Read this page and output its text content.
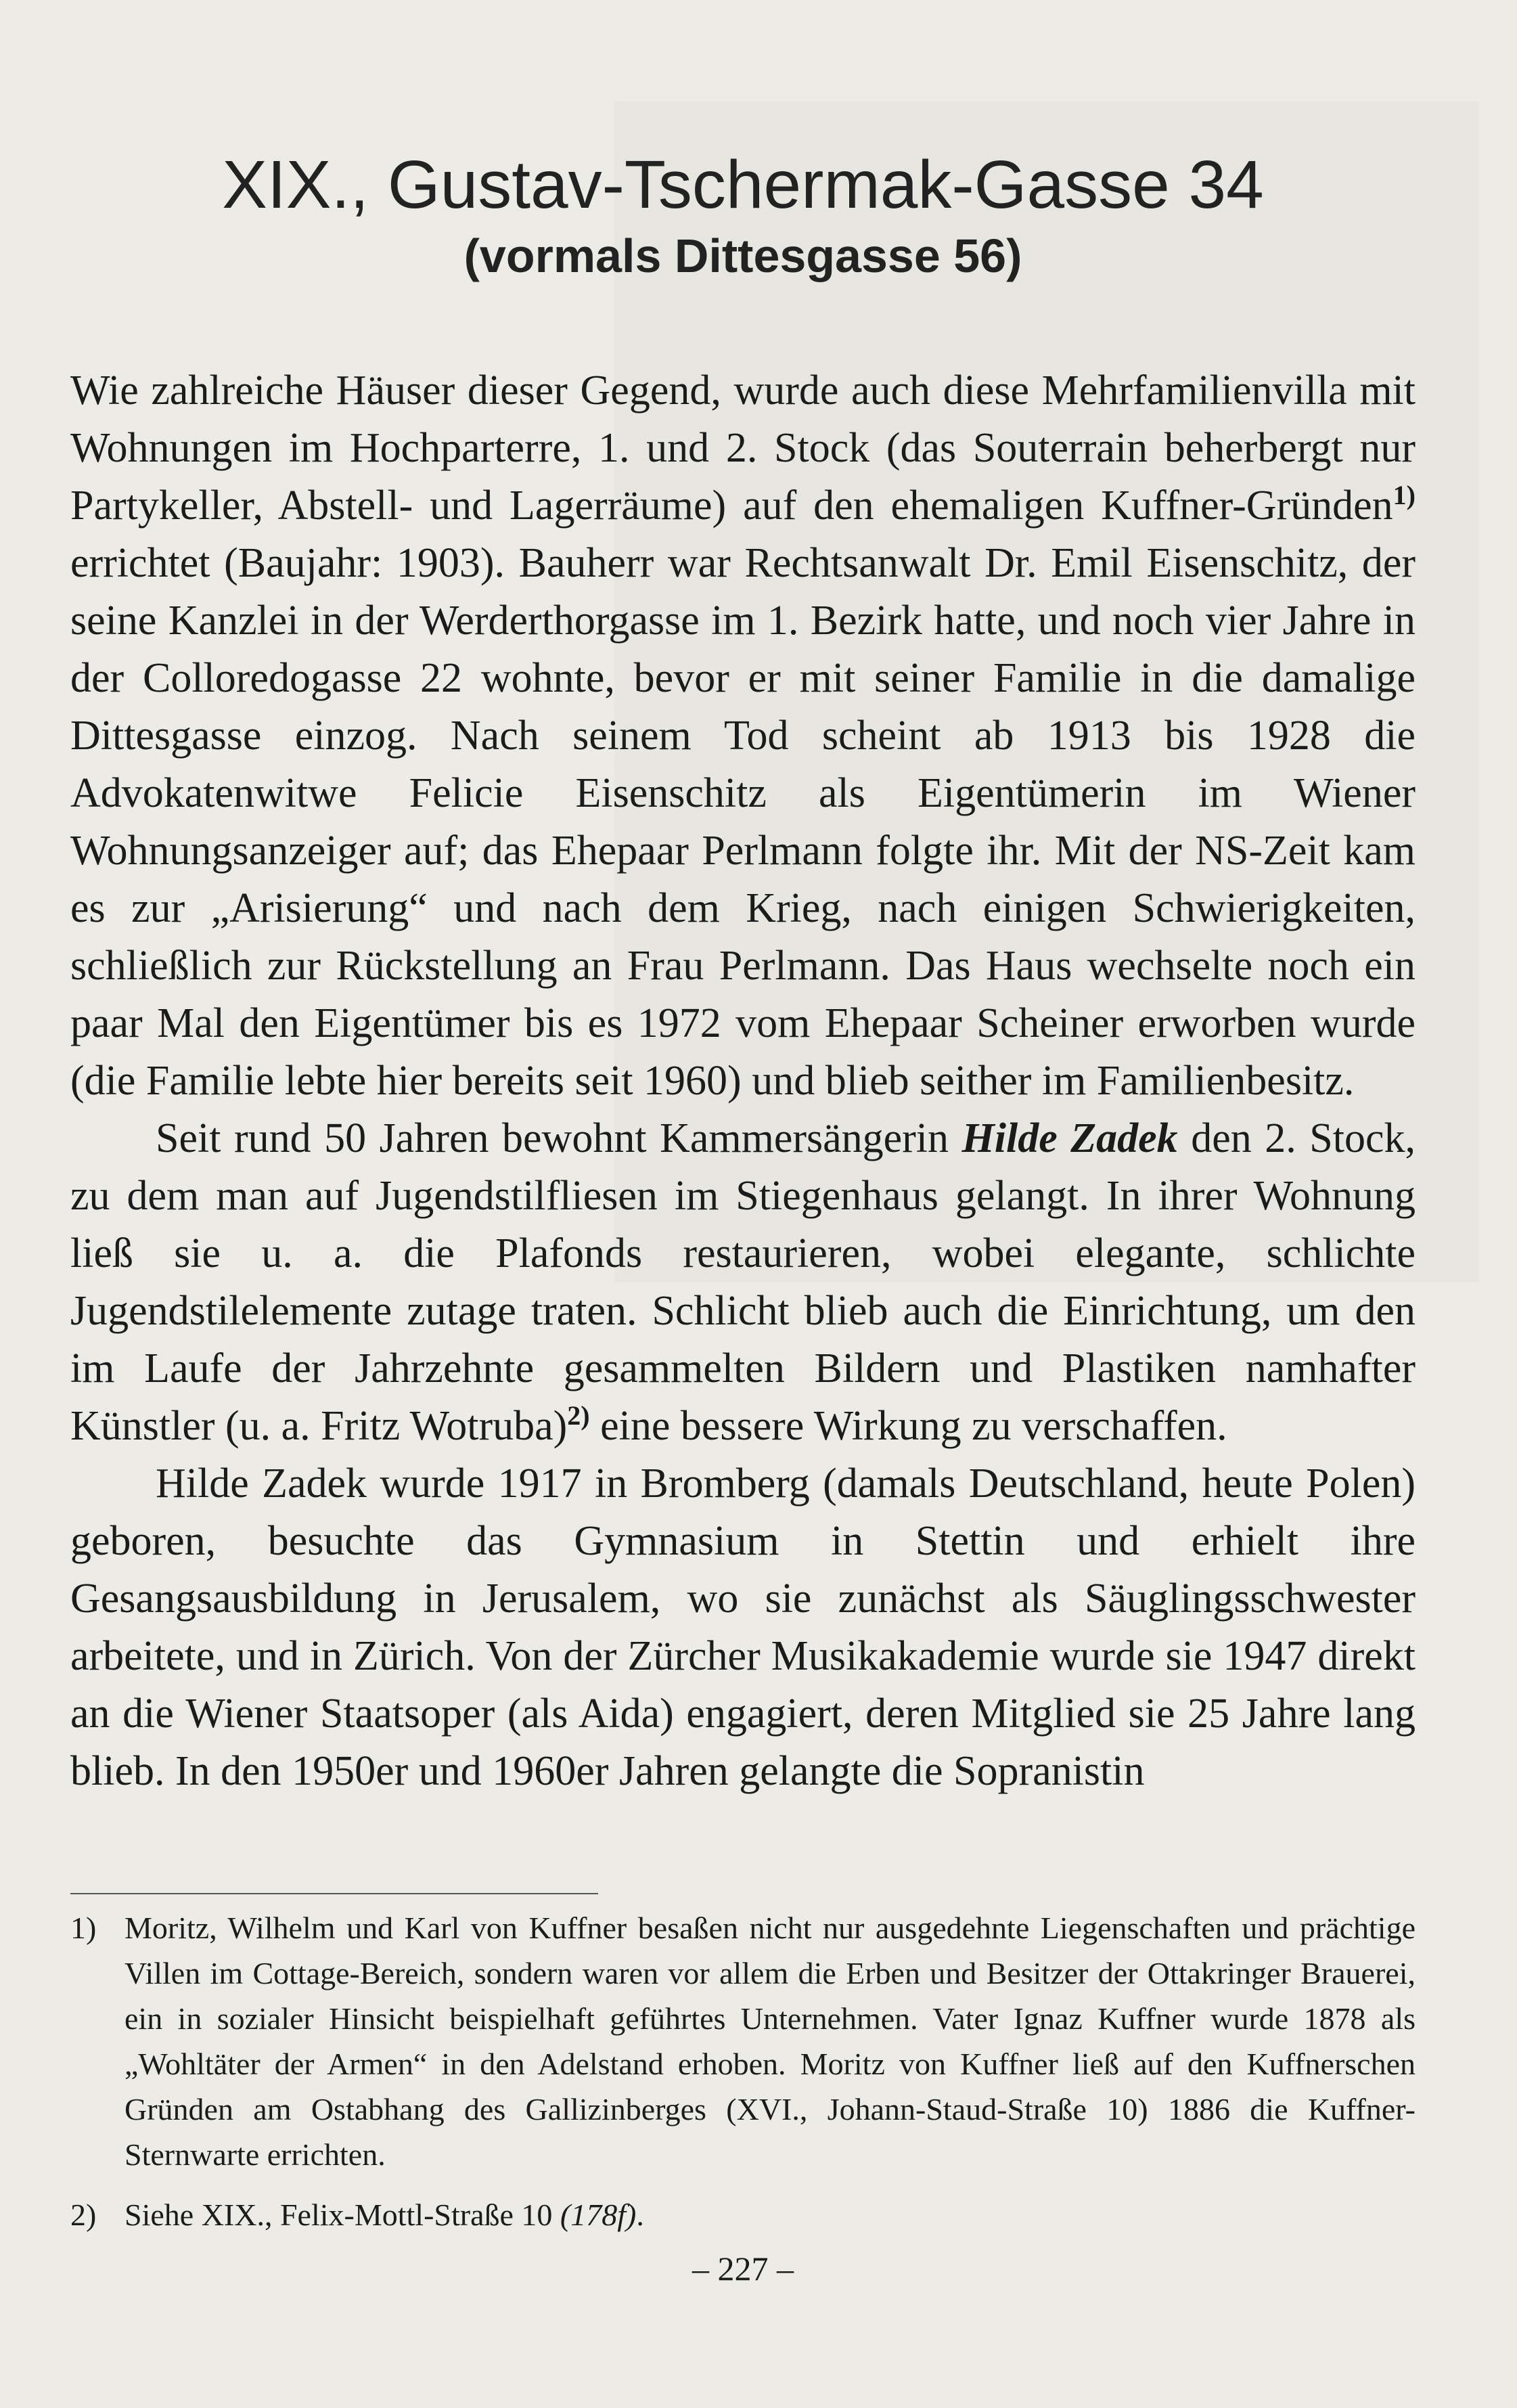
XIX., Gustav-Tschermak-Gasse 34
(vormals Dittesgasse 56)

Wie zahlreiche Häuser dieser Gegend, wurde auch diese Mehrfamilienvilla mit Wohnungen im Hochparterre, 1. und 2. Stock (das Souterrain beherbergt nur Partykeller, Abstell- und Lagerräume) auf den ehemaligen Kuffner-Gründen$^{1)}$ errichtet (Baujahr: 1903). Bauherr war Rechtsanwalt Dr. Emil Eisenschitz, der seine Kanzlei in der Werderthorgasse im 1. Bezirk hatte, und noch vier Jahre in der Colloredogasse 22 wohnte, bevor er mit seiner Familie in die damalige Dittesgasse einzog. Nach seinem Tod scheint ab 1913 bis 1928 die Advokatenwitwe Felicie Eisenschitz als Eigentümerin im Wiener Wohnungsanzeiger auf; das Ehepaar Perlmann folgte ihr. Mit der NS-Zeit kam es zur „Arisierung“ und nach dem Krieg, nach einigen Schwierigkeiten, schließlich zur Rückstellung an Frau Perlmann. Das Haus wechselte noch ein paar Mal den Eigentümer bis es 1972 vom Ehepaar Scheiner erworben wurde (die Familie lebte hier bereits seit 1960) und blieb seither im Familienbesitz.

Seit rund 50 Jahren bewohnt Kammersängerin Hilde Zadek den 2. Stock, zu dem man auf Jugendstilfliesen im Stiegenhaus gelangt. In ihrer Wohnung ließ sie u. a. die Plafonds restaurieren, wobei elegante, schlichte Jugendstilelemente zutage traten. Schlicht blieb auch die Einrichtung, um den im Laufe der Jahrzehnte gesammelten Bildern und Plastiken namhafter Künstler (u. a. Fritz Wotruba)$^{2)}$ eine bessere Wirkung zu verschaffen.

Hilde Zadek wurde 1917 in Bromberg (damals Deutschland, heute Polen) geboren, besuchte das Gymnasium in Stettin und erhielt ihre Gesangsausbildung in Jerusalem, wo sie zunächst als Säuglingsschwester arbeitete, und in Zürich. Von der Zürcher Musikakademie wurde sie 1947 direkt an die Wiener Staatsoper (als Aida) engagiert, deren Mitglied sie 25 Jahre lang blieb. In den 1950er und 1960er Jahren gelangte die Sopranistin

1) Moritz, Wilhelm und Karl von Kuffner besaßen nicht nur ausgedehnte Liegenschaften und prächtige Villen im Cottage-Bereich, sondern waren vor allem die Erben und Besitzer der Ottakringer Brauerei, ein in sozialer Hinsicht beispielhaft geführtes Unternehmen. Vater Ignaz Kuffner wurde 1878 als „Wohltäter der Armen“ in den Adelstand erhoben. Moritz von Kuffner ließ auf den Kuffnerschen Gründen am Ostabhang des Gallizinberges (XVI., Johann-Staud-Straße 10) 1886 die Kuffner-Sternwarte errichten.
2) Siehe XIX., Felix-Mottl-Straße 10 (178f).
– 227 –
